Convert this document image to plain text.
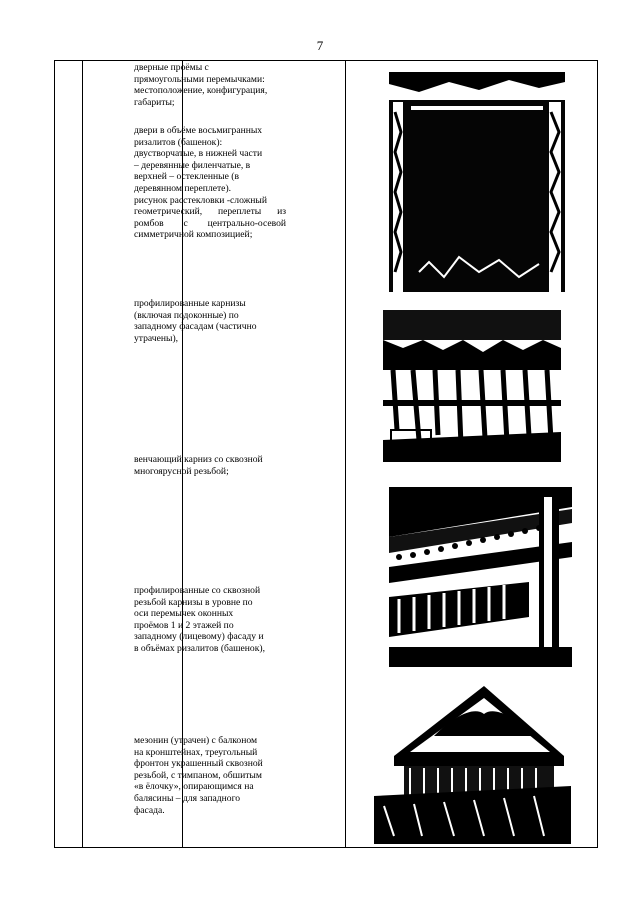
7
дверные проёмы с
прямоугольными перемычками:
местоположение, конфигурация,
габариты;
двери в объёме восьмигранных
ризалитов (башенок):
двустворчатые, в нижней части
– деревянные филенчатые, в
верхней – остекленные (в
деревянном переплете).
рисунок расстекловки -сложный
геометрический, переплеты из
ромбов с центрально-осевой
симметричной композицией;
профилированные карнизы
(включая подоконные) по
западному фасадам (частично
утрачены),
венчающий карниз со сквозной
многоярусной резьбой;
профилированные со сквозной
резьбой карнизы в уровне по
оси перемычек оконных
проёмов 1 и 2 этажей по
западному (лицевому) фасаду и
в объёмах ризалитов (башенок),
мезонин (утрачен) с балконом
на кронштейнах, треугольный
фронтон украшенный сквозной
резьбой, с тимпаном, обшитым
«в ёлочку», опирающимся на
балясины – для западного
фасада.
